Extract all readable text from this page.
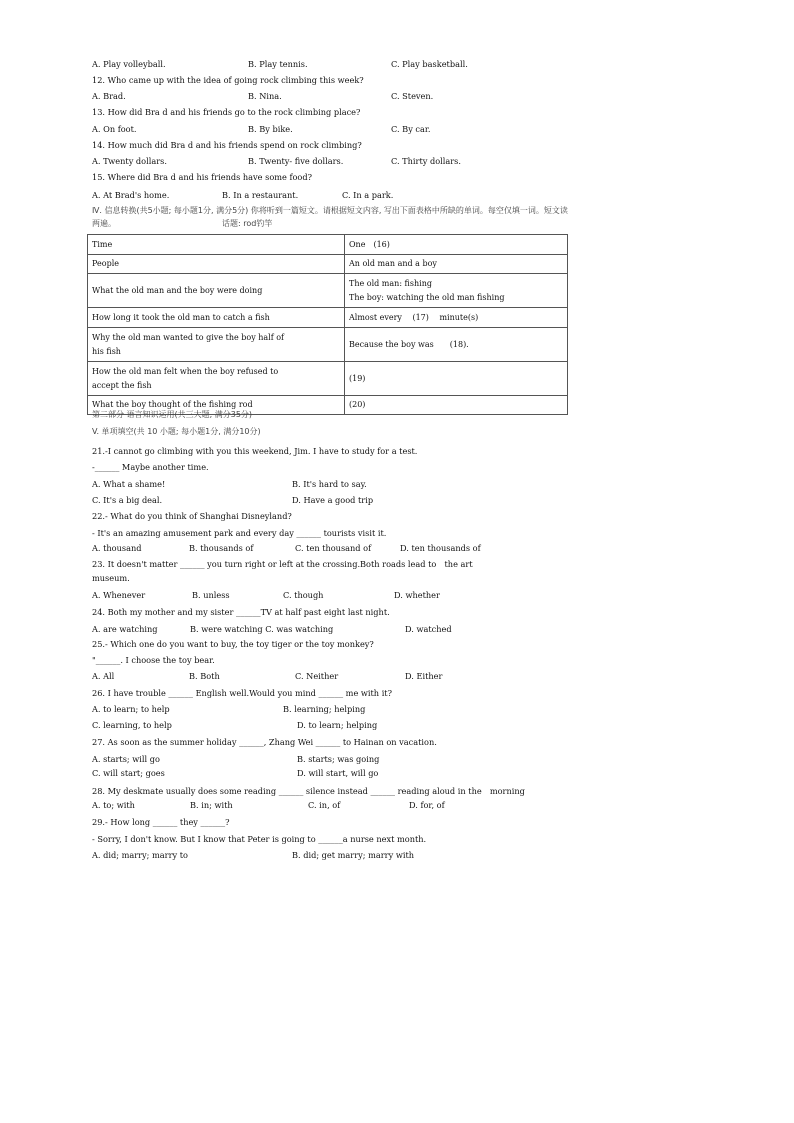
A. Play volleyball.	B. Play tennis.	C. Play basketball.
12. Who came up with the idea of going rock climbing this week?
A. Brad.	B. Nina.	C. Steven.
13. How did Bra d and his friends go to the rock climbing place?
A. On foot.	B. By bike.	C. By car.
14. How much did Bra d and his friends spend on rock climbing?
A. Twenty dollars.	B. Twenty- five dollars.	C. Thirty dollars.
15. Where did Bra d and his friends have some food?
A. At Brad's home.	B. In a restaurant.	C. In a park.
Ⅳ. 信息转换(共5小题; 每小题1分, 满分5分) 你将听到一篇短文。请根据短文内容, 写出下面表格中所缺的单词。每空仅填一词。短文读
两遍。	话题: rod钓竿
Time	One　(16)
People	An old man and a boy
What the old man and the boy were doing	The old man: fishing
The boy: watching the old man fishing

How long it took the old man to catch a fish	Almost every　 (17)　 minute(s)

Why the old man wanted to give the boy half of
his fish	Because the boy was　　(18).

How the old man felt when the boy refused to
accept the fish	(19)
What the boy thought of the fishing rod	(20)
第二部分 语言知识运用(共三大题, 满分35分)
V. 单项填空(共 10 小题; 每小题1分, 满分10分)
21.-I cannot go climbing with you this weekend, Jim. I have to study for a test.
-______ Maybe another time.
A. What a shame!	B. It's hard to say.
C. It's a big deal.	D. Have a good trip
22.- What do you think of Shanghai Disneyland?
- It's an amazing amusement park and every day ______ tourists visit it.
A. thousand	B. thousands of	C. ten thousand of	D. ten thousands of
23. It doesn't matter ______ you turn right or left at the crossing.Both roads lead to　the art
museum.
A. Whenever	B. unless	C. though	D. whether
24. Both my mother and my sister ______TV at half past eight last night.
A. are watching	B. were watching C. was watching	D. watched
25.- Which one do you want to buy, the toy tiger or the toy monkey?
"______. I choose the toy bear.
A. All	B. Both	C. Neither	D. Either
26. I have trouble ______ English well.Would you mind ______ me with it?
A. to learn; to help	B. learning; helping
C. learning, to help	D. to learn; helping
27. As soon as the summer holiday ______, Zhang Wei ______ to Hainan on vacation.
A. starts; will go	B. starts; was going
C. will start; goes	D. will start, will go
28. My deskmate usually does some reading ______ silence instead ______ reading aloud in the　morning
A. to; with	B. in; with	C. in, of	D. for, of
29.- How long ______ they ______?
- Sorry, I don't know. But I know that Peter is going to ______a nurse next month.
A. did; marry; marry to	B. did; get marry; marry with
